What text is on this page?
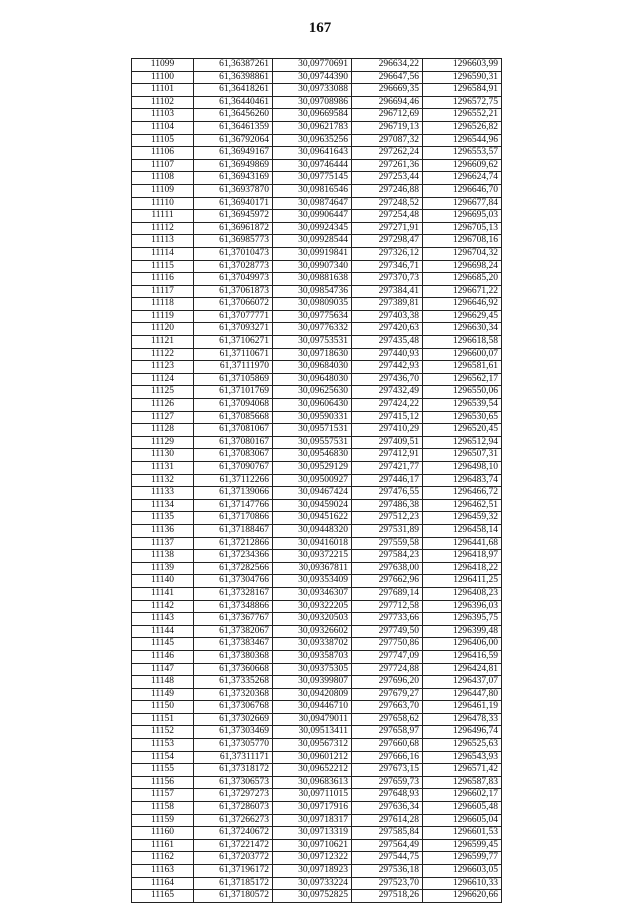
167
11099	61,36387261	30,09770691	296634,22	1296603,99
11100	61,36398861	30,09744390	296647,56	1296590,31
11101	61,36418261	30,09733088	296669,35	1296584,91
11102	61,36440461	30,09708986	296694,46	1296572,75
11103	61,36456260	30,09669584	296712,69	1296552,21
11104	61,36461359	30,09621783	296719,13	1296526,82
11105	61,36792064	30,09635256	297087,32	1296544,96
11106	61,36949167	30,09641643	297262,24	1296553,57
11107	61,36949869	30,09746444	297261,36	1296609,62
11108	61,36943169	30,09775145	297253,44	1296624,74
11109	61,36937870	30,09816546	297246,88	1296646,70
11110	61,36940171	30,09874647	297248,52	1296677,84
11111	61,36945972	30,09906447	297254,48	1296695,03
11112	61,36961872	30,09924345	297271,91	1296705,13
11113	61,36985773	30,09928544	297298,47	1296708,16
11114	61,37010473	30,09919841	297326,12	1296704,32
11115	61,37028773	30,09907340	297346,71	1296698,24
11116	61,37049973	30,09881638	297370,73	1296685,20
11117	61,37061873	30,09854736	297384,41	1296671,22
11118	61,37066072	30,09809035	297389,81	1296646,92
11119	61,37077771	30,09775634	297403,38	1296629,45
11120	61,37093271	30,09776332	297420,63	1296630,34
11121	61,37106271	30,09753531	297435,48	1296618,58
11122	61,37110671	30,09718630	297440,93	1296600,07
11123	61,37111970	30,09684030	297442,93	1296581,61
11124	61,37105869	30,09648030	297436,70	1296562,17
11125	61,37101769	30,09625630	297432,49	1296550,06
11126	61,37094068	30,09606430	297424,22	1296539,54
11127	61,37085668	30,09590331	297415,12	1296530,65
11128	61,37081067	30,09571531	297410,29	1296520,45
11129	61,37080167	30,09557531	297409,51	1296512,94
11130	61,37083067	30,09546830	297412,91	1296507,31
11131	61,37090767	30,09529129	297421,77	1296498,10
11132	61,37112266	30,09500927	297446,17	1296483,74
11133	61,37139066	30,09467424	297476,55	1296466,72
11134	61,37147766	30,09459024	297486,38	1296462,51
11135	61,37170866	30,09451622	297512,23	1296459,32
11136	61,37188467	30,09448320	297531,89	1296458,14
11137	61,37212866	30,09416018	297559,58	1296441,68
11138	61,37234366	30,09372215	297584,23	1296418,97
11139	61,37282566	30,09367811	297638,00	1296418,22
11140	61,37304766	30,09353409	297662,96	1296411,25
11141	61,37328167	30,09346307	297689,14	1296408,23
11142	61,37348866	30,09322205	297712,58	1296396,03
11143	61,37367767	30,09320503	297733,66	1296395,75
11144	61,37382067	30,09326602	297749,50	1296399,48
11145	61,37383467	30,09338702	297750,86	1296406,00
11146	61,37380368	30,09358703	297747,09	1296416,59
11147	61,37360668	30,09375305	297724,88	1296424,81
11148	61,37335268	30,09399807	297696,20	1296437,07
11149	61,37320368	30,09420809	297679,27	1296447,80
11150	61,37306768	30,09446710	297663,70	1296461,19
11151	61,37302669	30,09479011	297658,62	1296478,33
11152	61,37303469	30,09513411	297658,97	1296496,74
11153	61,37305770	30,09567312	297660,68	1296525,63
11154	61,37311171	30,09601212	297666,16	1296543,93
11155	61,37318172	30,09652212	297673,15	1296571,42
11156	61,37306573	30,09683613	297659,73	1296587,83
11157	61,37297273	30,09711015	297648,93	1296602,17
11158	61,37286073	30,09717916	297636,34	1296605,48
11159	61,37266273	30,09718317	297614,28	1296605,04
11160	61,37240672	30,09713319	297585,84	1296601,53
11161	61,37221472	30,09710621	297564,49	1296599,45
11162	61,37203772	30,09712322	297544,75	1296599,77
11163	61,37196172	30,09718923	297536,18	1296603,05
11164	61,37185172	30,09733224	297523,70	1296610,33
11165	61,37180572	30,09752825	297518,26	1296620,66
